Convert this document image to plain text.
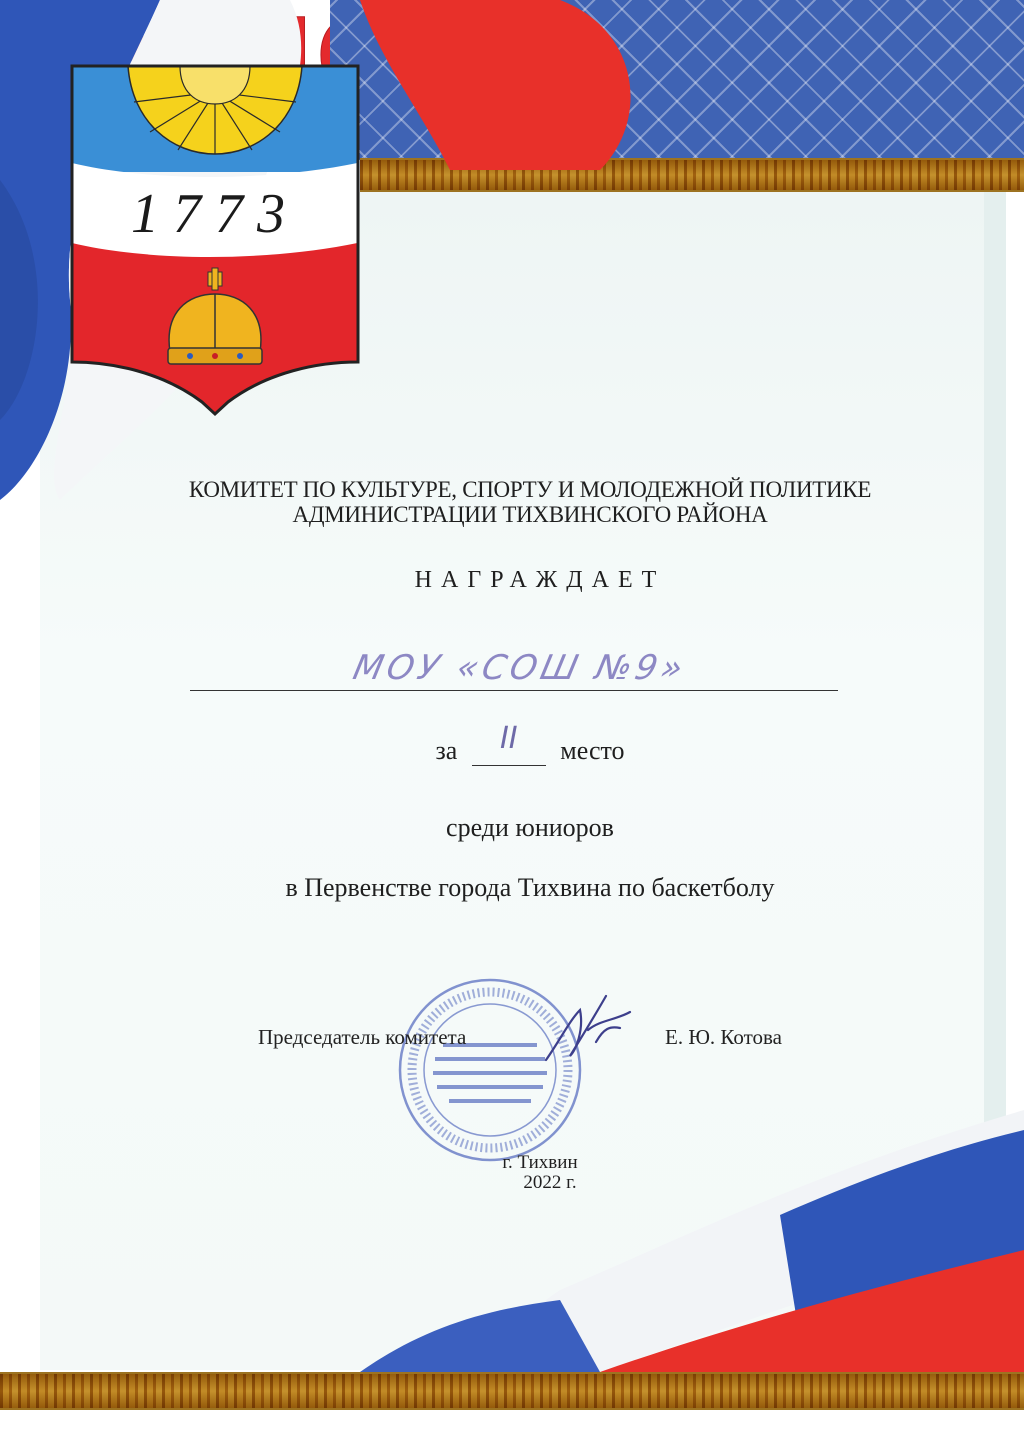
1773
КОМИТЕТ ПО КУЛЬТУРЕ, СПОРТУ И МОЛОДЕЖНОЙ ПОЛИТИКЕ
АДМИНИСТРАЦИИ ТИХВИНСКОГО РАЙОНА
НАГРАЖДАЕТ
МОУ «СОШ №9»
за	II	место
среди юниоров
в Первенстве города Тихвина по баскетболу
Председатель комитета	Е. Ю. Котова
г. Тихвин
2022 г.
